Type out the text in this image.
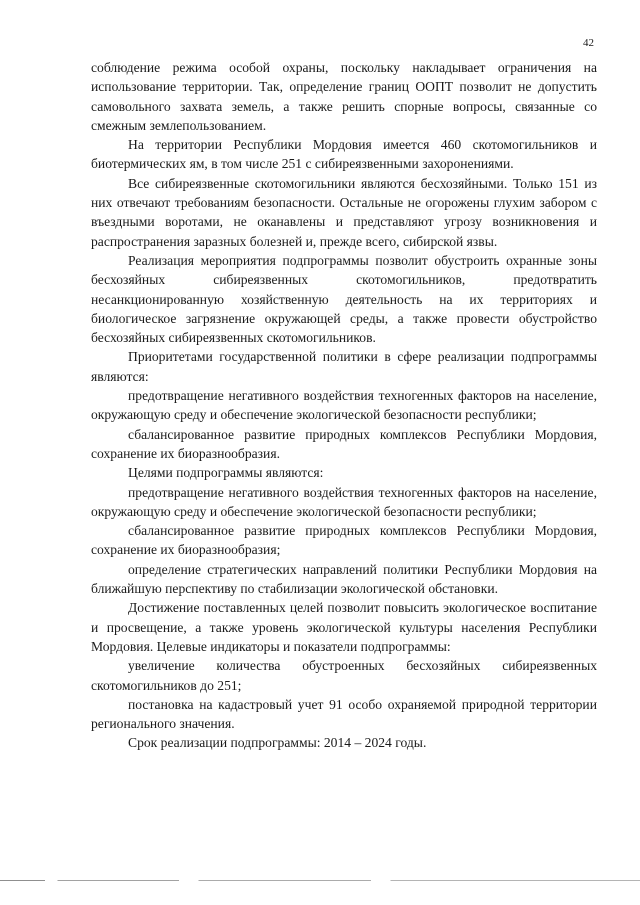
42

соблюдение режима особой охраны, поскольку накладывает ограничения на использование территории. Так, определение границ ООПТ позволит не допустить самовольного захвата земель, а также решить спорные вопросы, связанные со смежным землепользованием.

На территории Республики Мордовия имеется 460 скотомогильников и биотермических ям, в том числе 251 с сибиреязвенными захоронениями.

Все сибиреязвенные скотомогильники являются бесхозяйными. Только 151 из них отвечают требованиям безопасности. Остальные не огорожены глухим забором с въездными воротами, не оканавлены и представляют угрозу возникновения и распространения заразных болезней и, прежде всего, сибирской язвы.

Реализация мероприятия подпрограммы позволит обустроить охранные зоны бесхозяйных сибиреязвенных скотомогильников, предотвратить несанкционированную хозяйственную деятельность на их территориях и биологическое загрязнение окружающей среды, а также провести обустройство бесхозяйных сибиреязвенных скотомогильников.

Приоритетами государственной политики в сфере реализации подпрограммы являются:

предотвращение негативного воздействия техногенных факторов на население, окружающую среду и обеспечение экологической безопасности республики;

сбалансированное развитие природных комплексов Республики Мордовия, сохранение их биоразнообразия.

Целями подпрограммы являются:

предотвращение негативного воздействия техногенных факторов на население, окружающую среду и обеспечение экологической безопасности республики;

сбалансированное развитие природных комплексов Республики Мордовия, сохранение их биоразнообразия;

определение стратегических направлений политики Республики Мордовия на ближайшую перспективу по стабилизации экологической обстановки.

Достижение поставленных целей позволит повысить экологическое воспитание и просвещение, а также уровень экологической культуры населения Республики Мордовия. Целевые индикаторы и показатели подпрограммы:

увеличение количества обустроенных бесхозяйных сибиреязвенных скотомогильников до 251;

постановка на кадастровый учет 91 особо охраняемой природной территории регионального значения.

Срок реализации подпрограммы: 2014 – 2024 годы.
